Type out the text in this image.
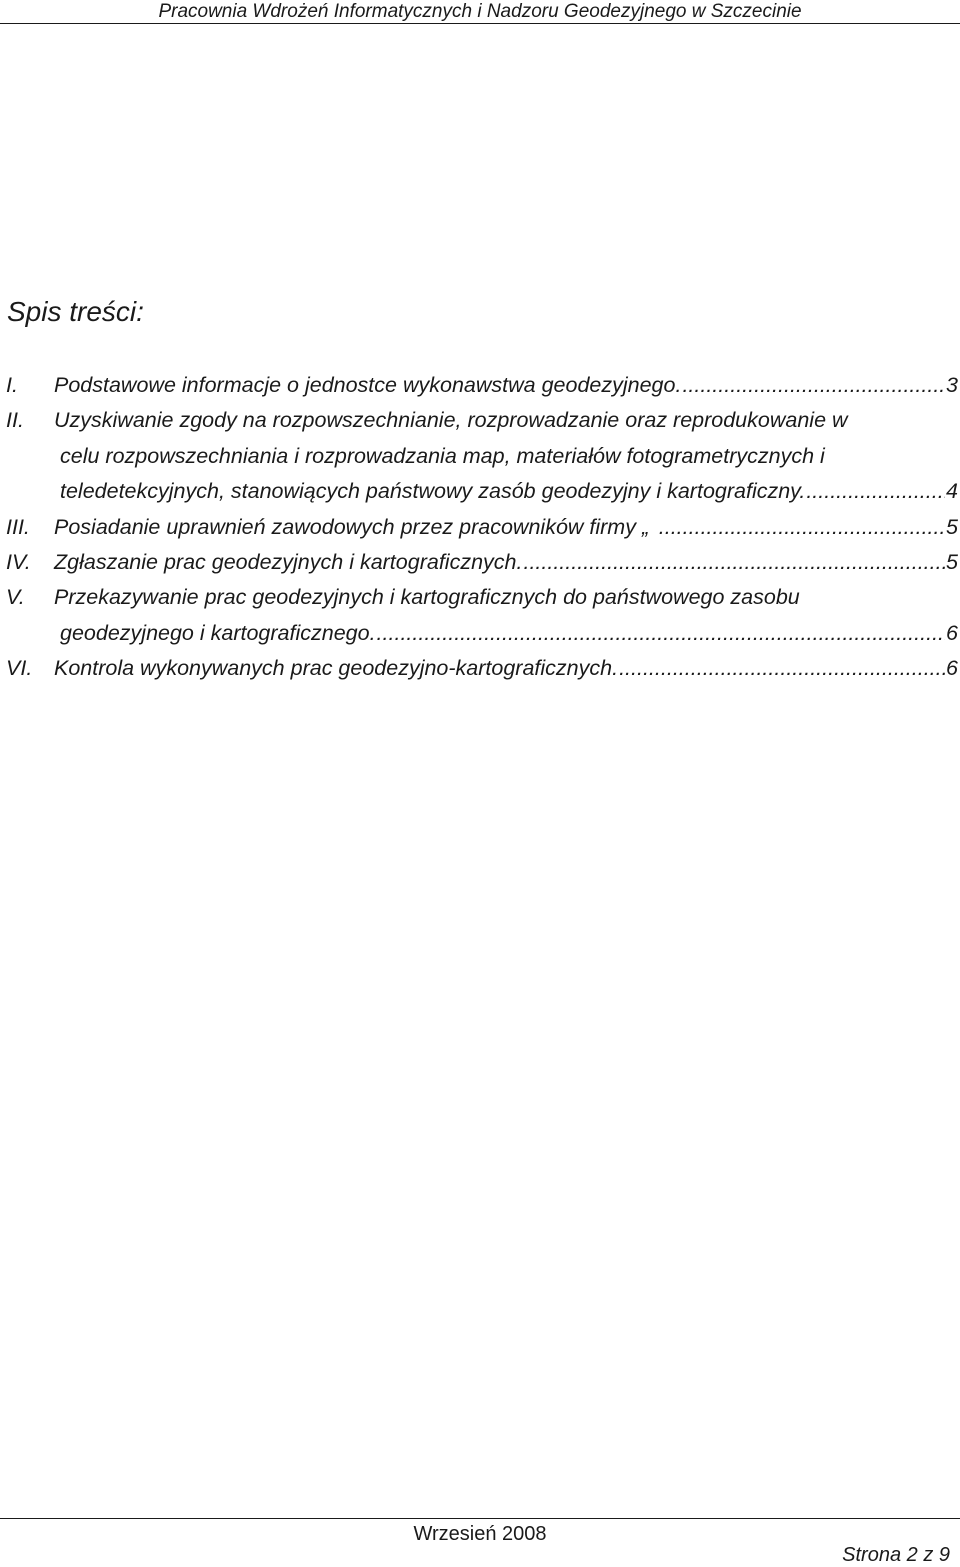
Pracownia Wdrożeń Informatycznych i Nadzoru Geodezyjnego w Szczecinie
Spis treści:
I. Podstawowe informacje o jednostce wykonawstwa geodezyjnego. .....	3
II. Uzyskiwanie zgody na rozpowszechnianie, rozprowadzanie oraz reprodukowanie w
celu rozpowszechniania i rozprowadzania map, materiałów fotogrametrycznych i
teledetekcyjnych, stanowiących państwowy zasób geodezyjny i kartograficzny. .....	4
III. Posiadanie uprawnień zawodowych przez pracowników firmy „ .....	5
IV. Zgłaszanie prac geodezyjnych i kartograficznych. .....	5
V. Przekazywanie prac geodezyjnych i kartograficznych do państwowego zasobu
geodezyjnego i kartograficznego. .....	6
VI. Kontrola wykonywanych prac geodezyjno-kartograficznych. .....	6
Wrzesień 2008
Strona 2 z 9
